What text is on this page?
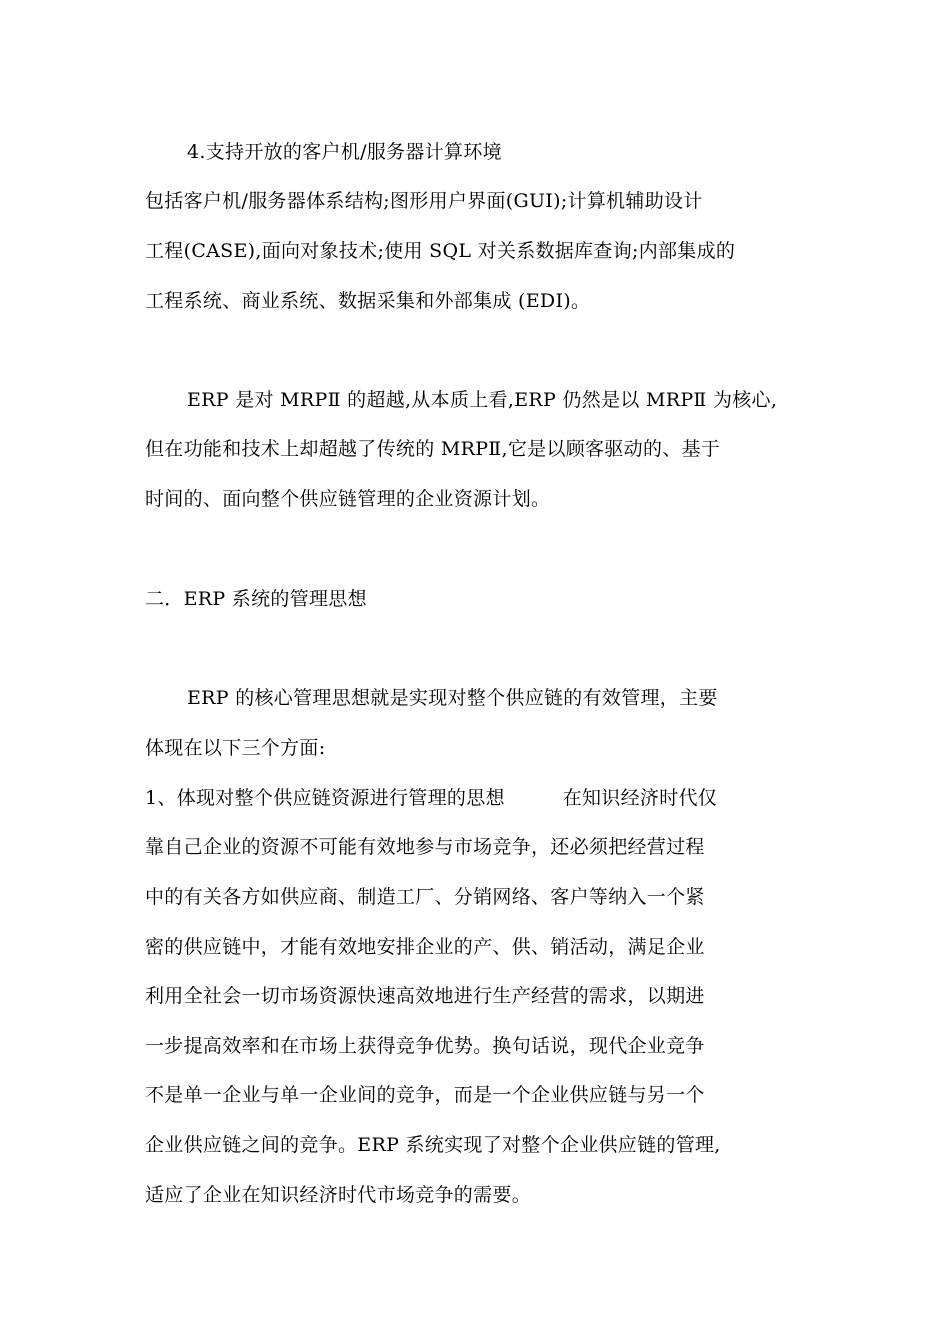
4.支持开放的客户机/服务器计算环境
包括客户机/服务器体系结构;图形用户界面(GUI);计算机辅助设计
工程(CASE),面向对象技术;使用 SQL 对关系数据库查询;内部集成的
工程系统、商业系统、数据采集和外部集成 (EDI)。
ERP 是对 MRPⅡ 的超越,从本质上看,ERP 仍然是以 MRPⅡ 为核心,
但在功能和技术上却超越了传统的 MRPⅡ,它是以顾客驱动的、基于
时间的、面向整个供应链管理的企业资源计划。
二．ERP 系统的管理思想
ERP 的核心管理思想就是实现对整个供应链的有效管理，主要
体现在以下三个方面:
1、体现对整个供应链资源进行管理的思想　　　在知识经济时代仅
靠自己企业的资源不可能有效地参与市场竞争，还必须把经营过程
中的有关各方如供应商、制造工厂、分销网络、客户等纳入一个紧
密的供应链中，才能有效地安排企业的产、供、销活动，满足企业
利用全社会一切市场资源快速高效地进行生产经营的需求，以期进
一步提高效率和在市场上获得竞争优势。换句话说，现代企业竞争
不是单一企业与单一企业间的竞争，而是一个企业供应链与另一个
企业供应链之间的竞争。ERP 系统实现了对整个企业供应链的管理,
适应了企业在知识经济时代市场竞争的需要。
